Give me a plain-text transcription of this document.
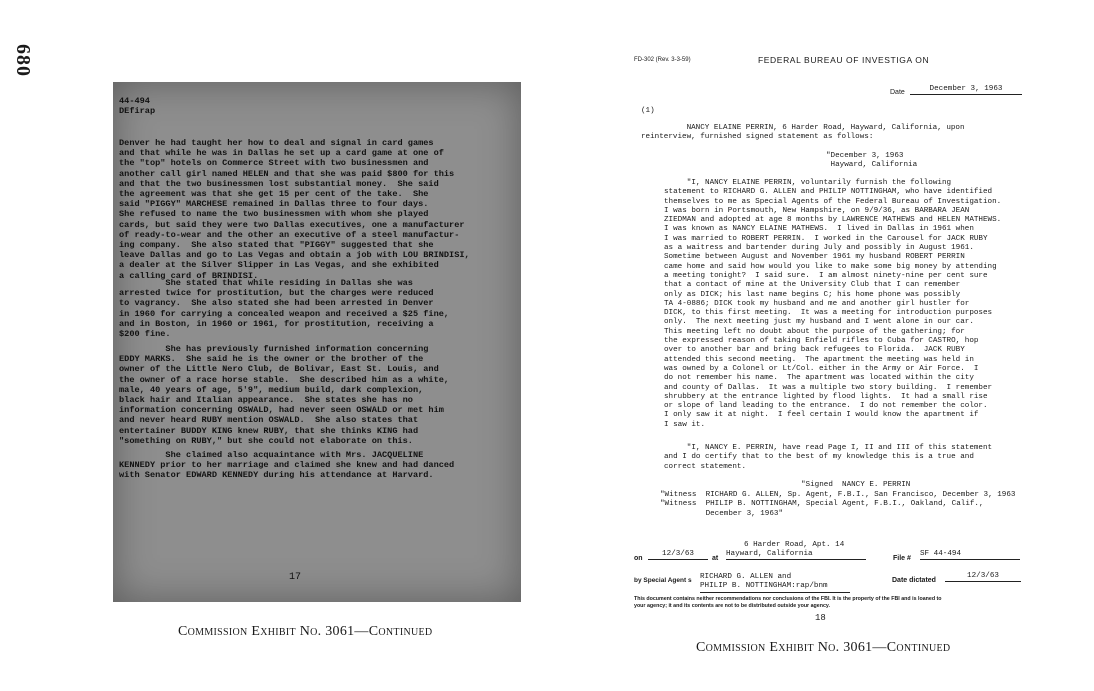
680
44-494
DEfirap
Denver he had taught her how to deal and signal in card games
and that while he was in Dallas he set up a card game at one of
the "top" hotels on Commerce Street with two businessmen and
another call girl named HELEN and that she was paid $800 for this
and that the two businessmen lost substantial money.  She said
the agreement was that she get 15 per cent of the take.  She
said "PIGGY" MARCHESE remained in Dallas three to four days.
She refused to name the two businessmen with whom she played
cards, but said they were two Dallas executives, one a manufacturer
of ready-to-wear and the other an executive of a steel manufactur-
ing company.  She also stated that "PIGGY" suggested that she
leave Dallas and go to Las Vegas and obtain a job with LOU BRINDISI,
a dealer at the Silver Slipper in Las Vegas, and she exhibited
a calling card of BRINDISI.
She stated that while residing in Dallas she was
arrested twice for prostitution, but the charges were reduced
to vagrancy.  She also stated she had been arrested in Denver
in 1960 for carrying a concealed weapon and received a $25 fine,
and in Boston, in 1960 or 1961, for prostitution, receiving a
$200 fine.
She has previously furnished information concerning
EDDY MARKS.  She said he is the owner or the brother of the
owner of the Little Nero Club, de Bolivar, East St. Louis, and
the owner of a race horse stable.  She described him as a white,
male, 40 years of age, 5'9", medium build, dark complexion,
black hair and Italian appearance.  She states she has no
information concerning OSWALD, had never seen OSWALD or met him
and never heard RUBY mention OSWALD.  She also states that
entertainer BUDDY KING knew RUBY, that she thinks KING had
"something on RUBY," but she could not elaborate on this.
She claimed also acquaintance with Mrs. JACQUELINE
KENNEDY prior to her marriage and claimed she knew and had danced
with Senator EDWARD KENNEDY during his attendance at Harvard.
17
Commission Exhibit No. 3061—Continued
FD-302 (Rev. 3-3-59)	FEDERAL BUREAU OF INVESTIGA ON
Date	December 3, 1963
(1)
NANCY ELAINE PERRIN, 6 Harder Road, Hayward, California, upon
reinterview, furnished signed statement as follows:
"December 3, 1963
Hayward, California
"I, NANCY ELAINE PERRIN, voluntarily furnish the following
statement to RICHARD G. ALLEN and PHILIP NOTTINGHAM, who have identified
themselves to me as Special Agents of the Federal Bureau of Investigation.
I was born in Portsmouth, New Hampshire, on 9/9/36, as BARBARA JEAN
ZIEDMAN and adopted at age 8 months by LAWRENCE MATHEWS and HELEN MATHEWS.
I was known as NANCY ELAINE MATHEWS.  I lived in Dallas in 1961 when
I was married to ROBERT PERRIN.  I worked in the Carousel for JACK RUBY
as a waitress and bartender during July and possibly in August 1961.
Sometime between August and November 1961 my husband ROBERT PERRIN
came home and said how would you like to make some big money by attending
a meeting tonight?  I said sure.  I am almost ninety-nine per cent sure
that a contact of mine at the University Club that I can remember
only as DICK; his last name begins C; his home phone was possibly
TA 4-0886; DICK took my husband and me and another girl hustler for
DICK, to this first meeting.  It was a meeting for introduction purposes
only.  The next meeting just my husband and I went alone in our car.
This meeting left no doubt about the purpose of the gathering; for
the expressed reason of taking Enfield rifles to Cuba for CASTRO, hop
over to another bar and bring back refugees to Florida.  JACK RUBY
attended this second meeting.  The apartment the meeting was held in
was owned by a Colonel or Lt/Col. either in the Army or Air Force.  I
do not remember his name.  The apartment was located within the city
and county of Dallas.  It was a multiple two story building.  I remember
shrubbery at the entrance lighted by flood lights.  It had a small rise
or slope of land leading to the entrance.  I do not remember the color.
I only saw it at night.  I feel certain I would know the apartment if
I saw it.
"I, NANCY E. PERRIN, have read Page I, II and III of this statement
and I do certify that to the best of my knowledge this is a true and
correct statement.
"Signed  NANCY E. PERRIN
"Witness  RICHARD G. ALLEN, Sp. Agent, F.B.I., San Francisco, December 3, 1963
"Witness  PHILIP B. NOTTINGHAM, Special Agent, F.B.I., Oakland, Calif.,
December 3, 1963"
6 Harder Road, Apt. 14
on
12/3/63
at
Hayward, California
File #
SF 44-494
by Special Agent s RICHARD G. ALLEN and
PHILIP B. NOTTINGHAM:rap/bnm
Date dictated
12/3/63
This document contains neither recommendations nor conclusions of the FBI. It is the property of the FBI and is loaned to
your agency; it and its contents are not to be distributed outside your agency.
18
Commission Exhibit No. 3061—Continued
